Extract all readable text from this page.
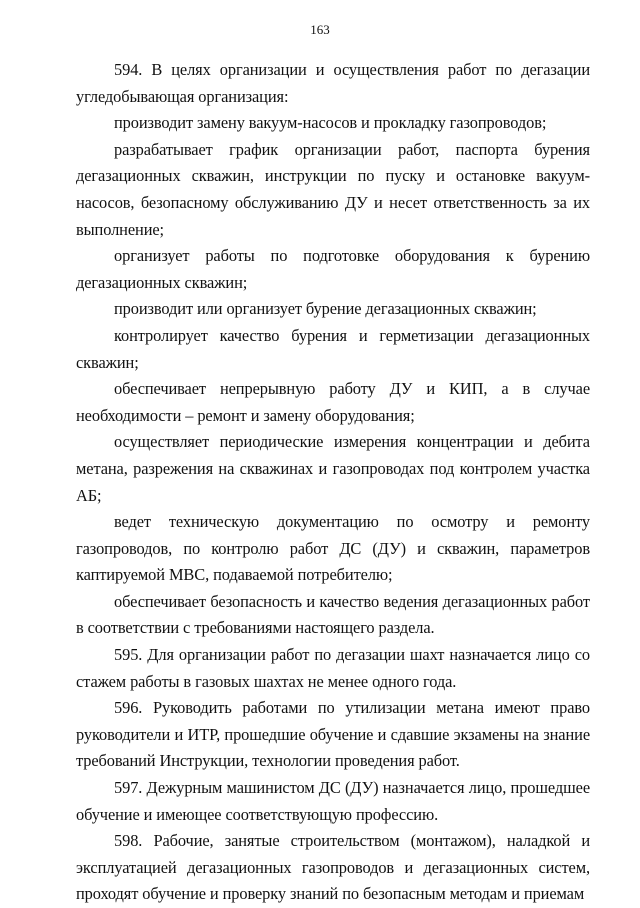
163

594. В целях организации и осуществления работ по дегазации угледобывающая организация:

производит замену вакуум-насосов и прокладку газопроводов;

разрабатывает график организации работ, паспорта бурения дегазационных скважин, инструкции по пуску и остановке вакуум-насосов, безопасному обслуживанию ДУ и несет ответственность за их выполнение;

организует работы по подготовке оборудования к бурению дегазационных скважин;

производит или организует бурение дегазационных скважин;

контролирует качество бурения и герметизации дегазационных скважин;

обеспечивает непрерывную работу ДУ и КИП, а в случае необходимости – ремонт и замену оборудования;

осуществляет периодические измерения концентрации и дебита метана, разрежения на скважинах и газопроводах под контролем участка АБ;

ведет техническую документацию по осмотру и ремонту газопроводов, по контролю работ ДС (ДУ) и скважин, параметров каптируемой МВС, подаваемой потребителю;

обеспечивает безопасность и качество ведения дегазационных работ в соответствии с требованиями настоящего раздела.

595. Для организации работ по дегазации шахт назначается лицо со стажем работы в газовых шахтах не менее одного года.

596. Руководить работами по утилизации метана имеют право руководители и ИТР, прошедшие обучение и сдавшие экзамены на знание требований Инструкции, технологии проведения работ.

597. Дежурным машинистом ДС (ДУ) назначается лицо, прошедшее обучение и имеющее соответствующую профессию.

598. Рабочие, занятые строительством (монтажом), наладкой и эксплуатацией дегазационных газопроводов и дегазационных систем, проходят обучение и проверку знаний по безопасным методам и приемам
